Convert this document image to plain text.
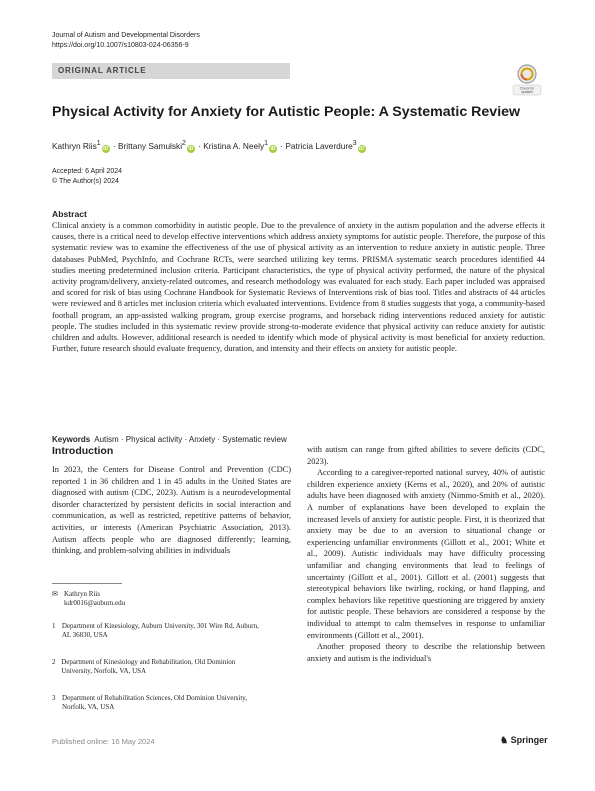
Journal of Autism and Developmental Disorders
https://doi.org/10.1007/s10803-024-06356-9
ORIGINAL ARTICLE
Check for
updates
Physical Activity for Anxiety for Autistic People: A Systematic Review
Kathryn Riis$^1$iD · Brittany Samulski$^2$iD · Kristina A. Neely$^1$iD · Patricia Laverdure$^3$iD
Accepted: 6 April 2024
© The Author(s) 2024
Abstract
Clinical anxiety is a common comorbidity in autistic people. Due to the prevalence of anxiety in the autism population and the adverse effects it causes, there is a critical need to develop effective interventions which address anxiety symptoms for autistic people. Therefore, the purpose of this systematic review was to examine the effectiveness of the use of physical activity as an intervention to reduce anxiety in autistic people. Three databases PubMed, PsychInfo, and Cochrane RCTs, were searched utilizing key terms. PRISMA systematic search procedures identified 44 studies meeting predetermined inclusion criteria. Participant characteristics, the type of physical activity performed, the nature of the physical activity program/delivery, anxiety-related outcomes, and research methodology was evaluated for each study. Each paper included was appraised and scored for risk of bias using Cochrane Handbook for Systematic Reviews of Interventions risk of bias tool. Titles and abstracts of 44 articles were reviewed and 8 articles met inclusion criteria which evaluated interventions. Evidence from 8 studies suggests that yoga, a community-based football program, an app-assisted walking program, group exercise programs, and horseback riding interventions reduced anxiety for autistic people. The studies included in this systematic review provide strong-to-moderate evidence that physical activity can reduce anxiety for autistic children and adults. However, additional research is needed to identify which mode of physical activity is most beneficial for anxiety reduction. Further, future research should evaluate frequency, duration, and intensity and their effects on anxiety for autistic people.
Keywords Autism · Physical activity · Anxiety · Systematic review
Introduction

In 2023, the Centers for Disease Control and Prevention (CDC) reported 1 in 36 children and 1 in 45 adults in the United States are diagnosed with autism (CDC, 2023). Autism is a neurodevelopmental disorder characterized by persistent deficits in social interaction and communication, as well as restricted, repetitive patterns of behavior, activities, or interests (American Psychiatric Association, 2013). Autism affects people who are diagnosed differently; learning, thinking, and problem-solving abilities in individuals

with autism can range from gifted abilities to severe deficits (CDC, 2023).

According to a caregiver-reported national survey, 40% of autistic children experience anxiety (Kerns et al., 2020), and 20% of autistic adults have been diagnosed with anxiety (Nimmo-Smith et al., 2020). A number of explanations have been developed to explain the increased levels of anxiety for autistic people. First, it is theorized that anxiety may be due to an aversion to situational change or experiencing unfamiliar environments (Gillott et al., 2001; White et al., 2009). Autistic individuals may have difficulty processing unfamiliar and changing environments that lead to feelings of uncertainty (Gillott et al., 2001). Gillott et al. (2001) suggests that stereotypical behaviors like twirling, rocking, or hand flapping, and complex behaviors like repetitive questioning are triggered by anxiety for autistic people. These behaviors are considered a response by the individual to attempt to calm themselves in response to unfamiliar environments (Gillott et al., 2001).

Another proposed theory to describe the relationship between anxiety and autism is the individual's

✉ Kathryn Riis
kdr0016@auburn.edu
1 Department of Kinesiology, Auburn University, 301 Wire Rd, Auburn, AL 36830, USA
2 Department of Kinesiology and Rehabilitation, Old Dominion University, Norfolk, VA, USA
3 Department of Rehabilitation Sciences, Old Dominion University, Norfolk, VA, USA
Published online: 16 May 2024	♞ Springer
